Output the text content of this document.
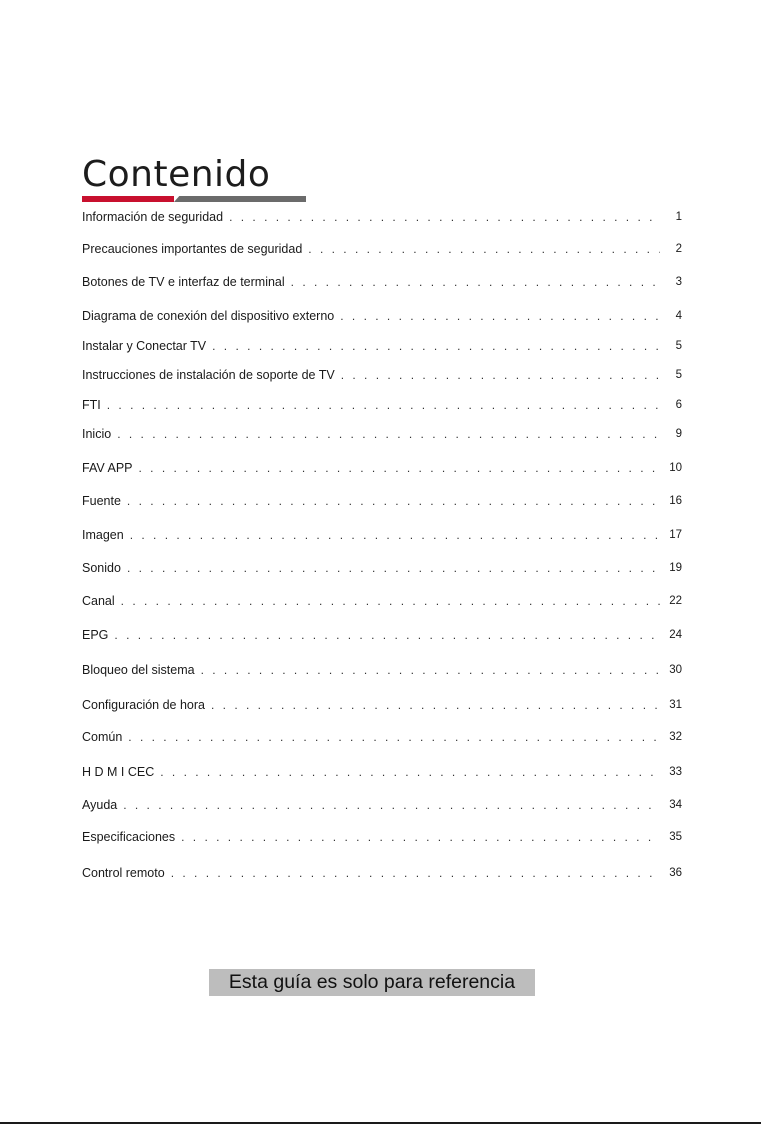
Contenido
Información de seguridad . . .	1
Precauciones importantes de seguridad . . .	2
Botones de TV e interfaz de terminal . . .	3
Diagrama de conexión del dispositivo externo . . .	4
Instalar y Conectar TV . . .	5
Instrucciones de instalación de soporte de TV . . .	5
FTI . . .	6
Inicio . . .	9
FAV APP . . .	10
Fuente . . .	16
Imagen . . .	17
Sonido . . .	19
Canal . . .	22
EPG . . .	24
Bloqueo del sistema . . .	30
Configuración de hora . . .	31
Común . . .	32
H D M I CEC . . .	33
Ayuda . . .	34
Especificaciones . . .	35
Control remoto . . .	36
Esta guía es solo para referencia
